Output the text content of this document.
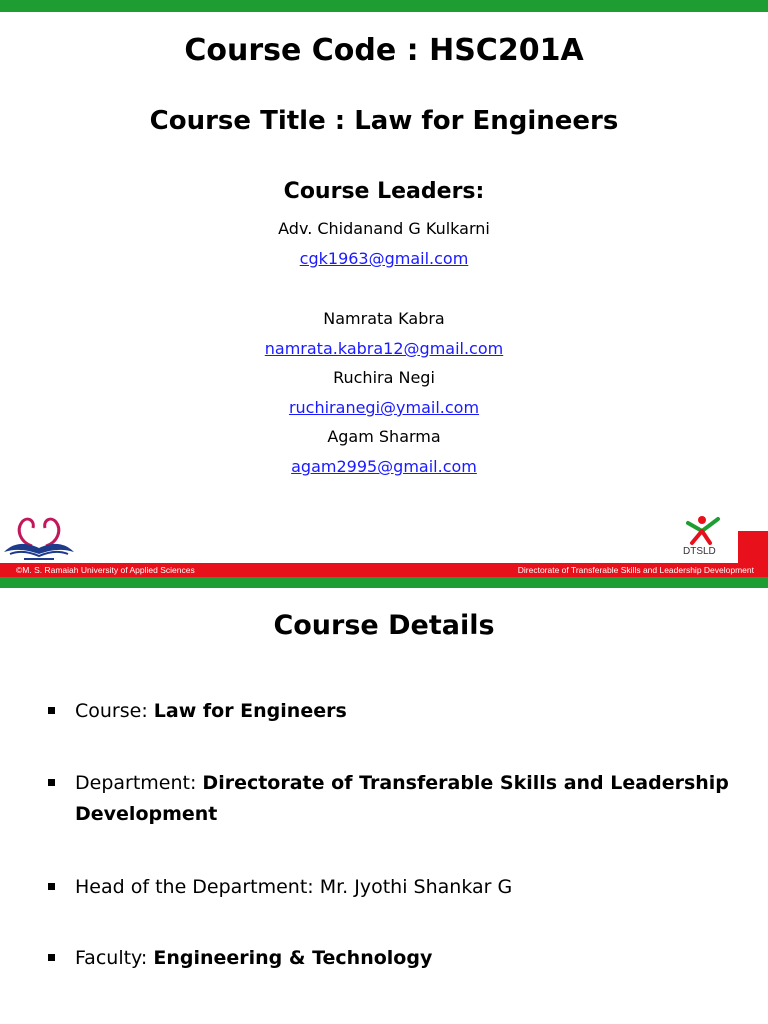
Course Code : HSC201A
Course Title : Law for Engineers
Course Leaders:
Adv. Chidanand G Kulkarni
cgk1963@gmail.com
Namrata Kabra
namrata.kabra12@gmail.com
Ruchira Negi
ruchiranegi@ymail.com
Agam Sharma
agam2995@gmail.com
DTSLD
©M. S. Ramaiah University of Applied Sciences	Directorate of Transferable Skills and Leadership Development
Course Details
Course: Law for Engineers
Department: Directorate of Transferable Skills and Leadership Development
Head of the Department: Mr. Jyothi Shankar G
Faculty: Engineering & Technology
